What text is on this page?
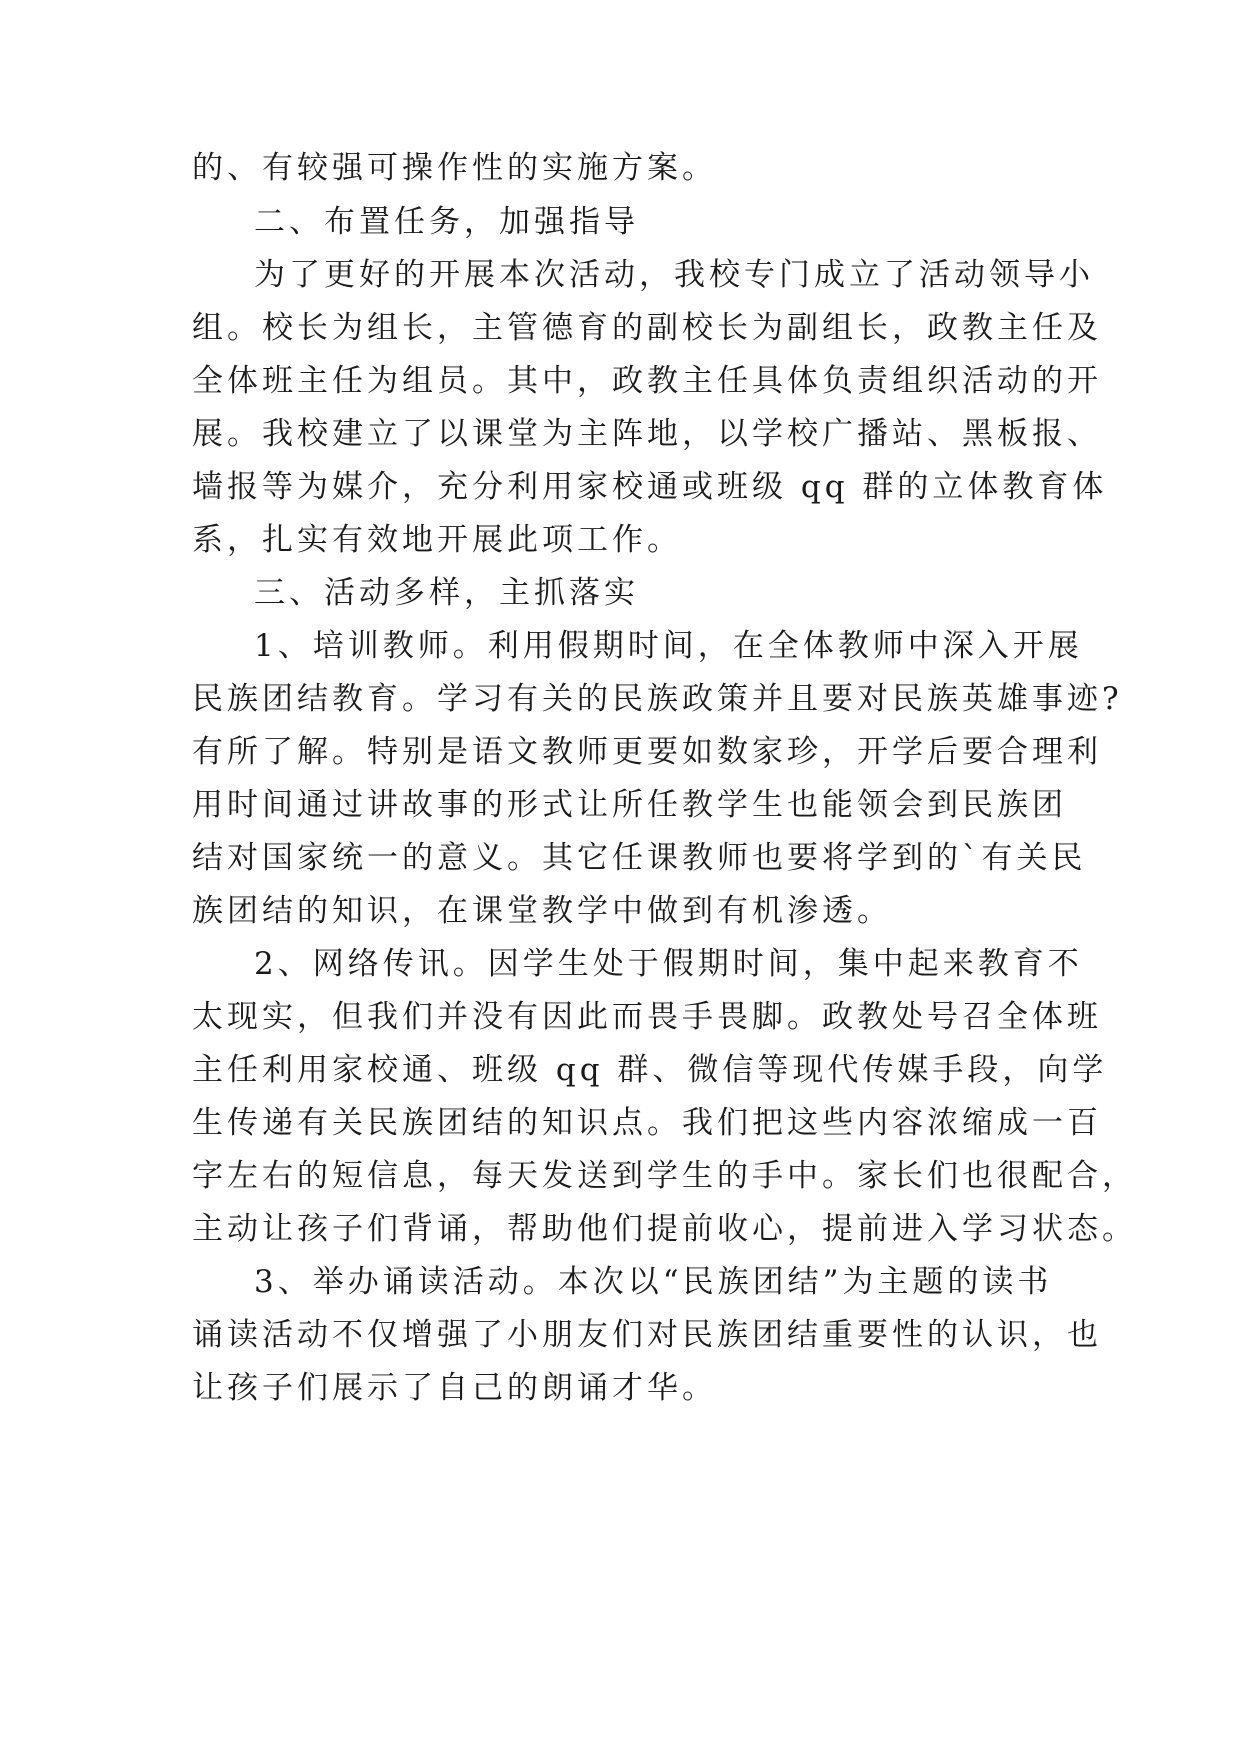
的、有较强可操作性的实施方案。
二、布置任务，加强指导
为了更好的开展本次活动，我校专门成立了活动领导小
组。校长为组长，主管德育的副校长为副组长，政教主任及
全体班主任为组员。其中，政教主任具体负责组织活动的开
展。我校建立了以课堂为主阵地，以学校广播站、黑板报、
墙报等为媒介，充分利用家校通或班级 qq 群的立体教育体
系，扎实有效地开展此项工作。
三、活动多样，主抓落实
1、培训教师。利用假期时间，在全体教师中深入开展
民族团结教育。学习有关的民族政策并且要对民族英雄事迹?
有所了解。特别是语文教师更要如数家珍，开学后要合理利
用时间通过讲故事的形式让所任教学生也能领会到民族团
结对国家统一的意义。其它任课教师也要将学到的`有关民
族团结的知识，在课堂教学中做到有机渗透。
2、网络传讯。因学生处于假期时间，集中起来教育不
太现实，但我们并没有因此而畏手畏脚。政教处号召全体班
主任利用家校通、班级 qq 群、微信等现代传媒手段，向学
生传递有关民族团结的知识点。我们把这些内容浓缩成一百
字左右的短信息，每天发送到学生的手中。家长们也很配合，
主动让孩子们背诵，帮助他们提前收心，提前进入学习状态。
3、举办诵读活动。本次以“民族团结”为主题的读书
诵读活动不仅增强了小朋友们对民族团结重要性的认识，也
让孩子们展示了自己的朗诵才华。
